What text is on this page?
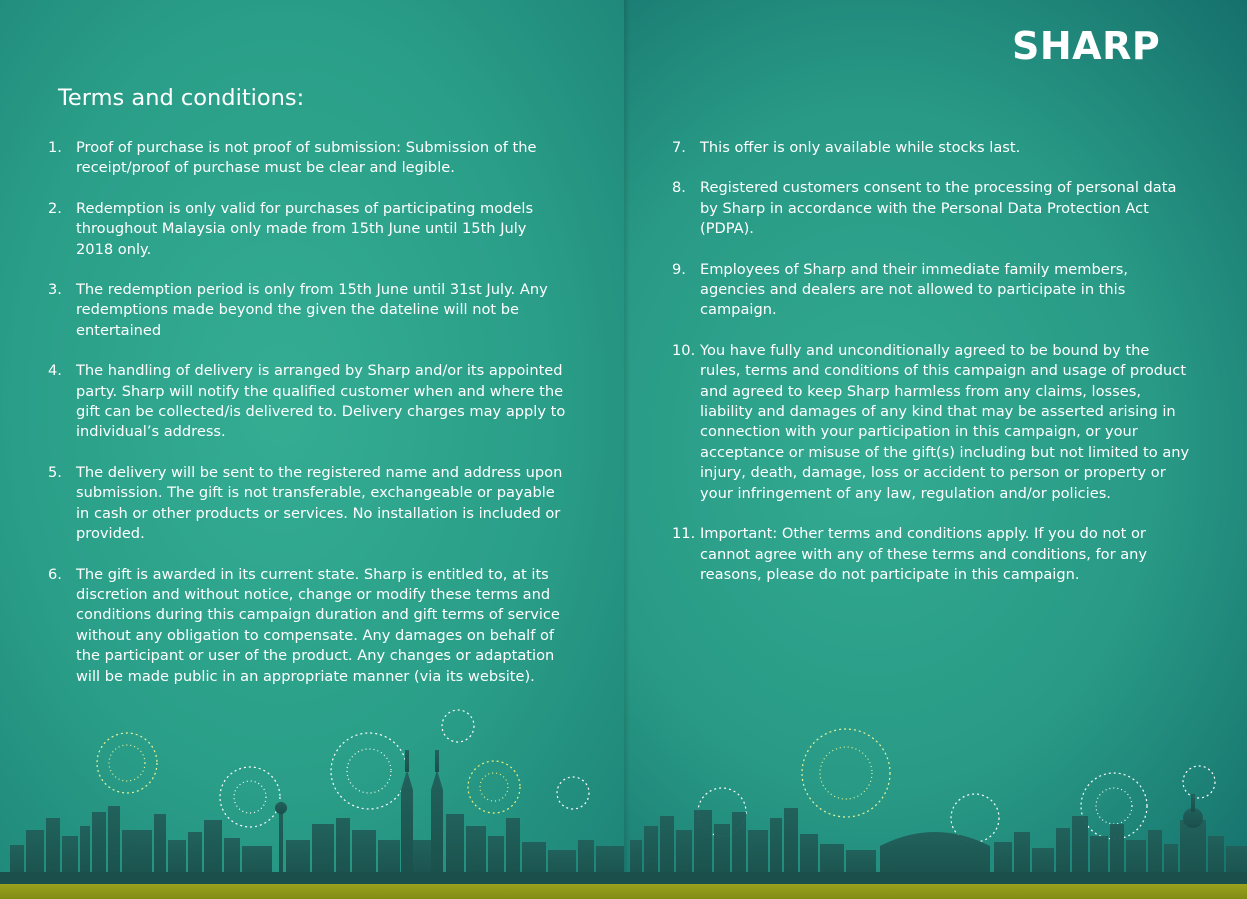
SHARP
Terms and conditions:
1. Proof of purchase is not proof of submission: Submission of the receipt/proof of purchase must be clear and legible.
2. Redemption is only valid for purchases of participating models throughout Malaysia only made from 15th June until 15th July 2018 only.
3. The redemption period is only from 15th June until 31st July. Any redemptions made beyond the given the dateline will not be entertained
4. The handling of delivery is arranged by Sharp and/or its appointed party. Sharp will notify the qualified customer when and where the gift can be collected/is delivered to. Delivery charges may apply to individual’s address.
5. The delivery will be sent to the registered name and address upon submission. The gift is not transferable, exchangeable or payable in cash or other products or services. No installation is included or provided.
6. The gift is awarded in its current state. Sharp is entitled to, at its discretion and without notice, change or modify these terms and conditions during this campaign duration and gift terms of service without any obligation to compensate. Any damages on behalf of the participant or user of the product. Any changes or adaptation will be made public in an appropriate manner (via its website).
7. This offer is only available while stocks last.
8. Registered customers consent to the processing of personal data by Sharp in accordance with the Personal Data Protection Act (PDPA).
9. Employees of Sharp and their immediate family members, agencies and dealers are not allowed to participate in this campaign.
10. You have fully and unconditionally agreed to be bound by the rules, terms and conditions of this campaign and usage of product and agreed to keep Sharp harmless from any claims, losses, liability and damages of any kind that may be asserted arising in connection with your participation in this campaign, or your acceptance or misuse of the gift(s) including but not limited to any injury, death, damage, loss or accident to person or property or your infringement of any law, regulation and/or policies.
11. Important: Other terms and conditions apply. If you do not or cannot agree with any of these terms and conditions, for any reasons, please do not participate in this campaign.
